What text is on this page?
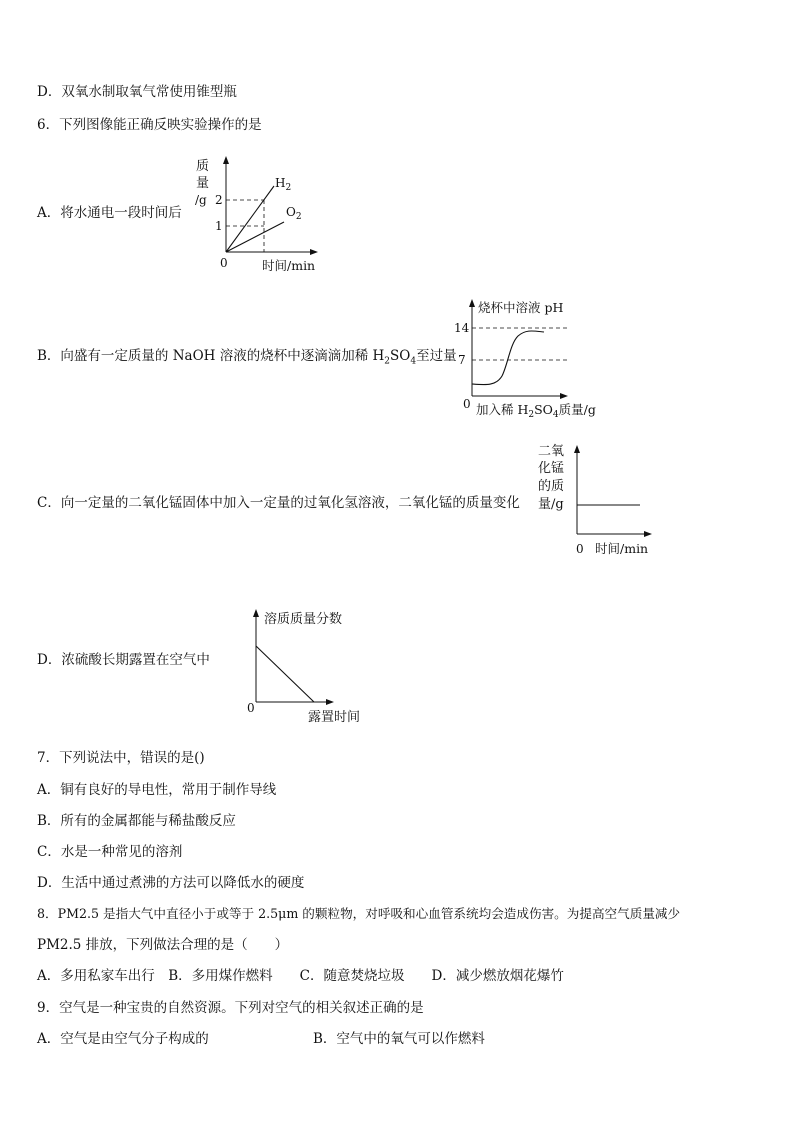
D．双氧水制取氧气常使用锥型瓶
6．下列图像能正确反映实验操作的是
A．将水通电一段时间后
质
量
/g 2
1
0
$H_2$
$O_2$
时间/min
B．向盛有一定质量的 NaOH 溶液的烧杯中逐滴滴加稀 $H_2SO_4$至过量
烧杯中溶液 pH
14
7
0 加入稀 $H_2SO_4$质量/g
C．向一定量的二氧化锰固体中加入一定量的过氧化氢溶液，二氧化锰的质量变化
二氧
化锰
的质
量/g
0 时间/min
D．浓硫酸长期露置在空气中
溶质质量分数
0
露置时间
7．下列说法中，错误的是()
A．铜有良好的导电性，常用于制作导线
B．所有的金属都能与稀盐酸反应
C．水是一种常见的溶剂
D．生活中通过煮沸的方法可以降低水的硬度
8．PM2.5 是指大气中直径小于或等于 2.5μm 的颗粒物，对呼吸和心血管系统均会造成伤害。为提高空气质量减少
PM2.5 排放，下列做法合理的是（　　）
A．多用私家车出行　B．多用煤作燃料　　C．随意焚烧垃圾　　D．减少燃放烟花爆竹
9．空气是一种宝贵的自然资源。下列对空气的相关叙述正确的是
A．空气是由空气分子构成的	B．空气中的氧气可以作燃料
